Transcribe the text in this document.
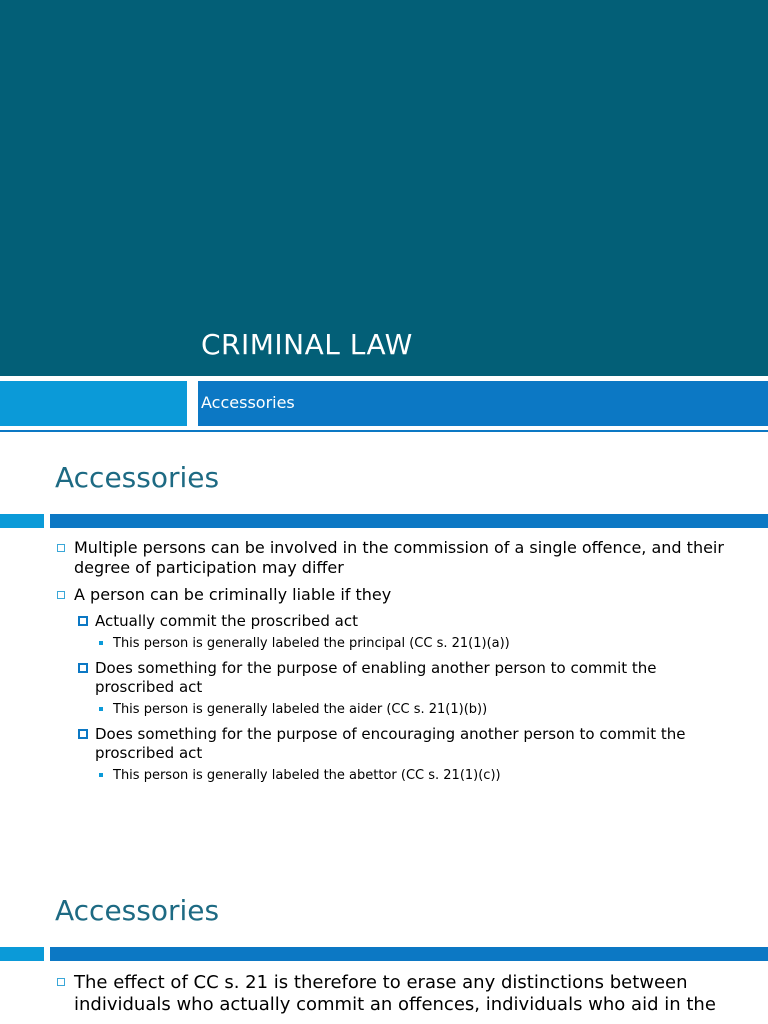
CRIMINAL LAW
Accessories
Accessories
Multiple persons can be involved in the commission of a single offence, and their degree of participation may differ
A person can be criminally liable if they
Actually commit the proscribed act
This person is generally labeled the principal (CC s. 21(1)(a))
Does something for the purpose of enabling another person to commit the proscribed act
This person is generally labeled the aider (CC s. 21(1)(b))
Does something for the purpose of encouraging another person to commit the proscribed act
This person is generally labeled the abettor (CC s. 21(1)(c))
Accessories
The effect of CC s. 21 is therefore to erase any distinctions between individuals who actually commit an offences, individuals who aid in the
